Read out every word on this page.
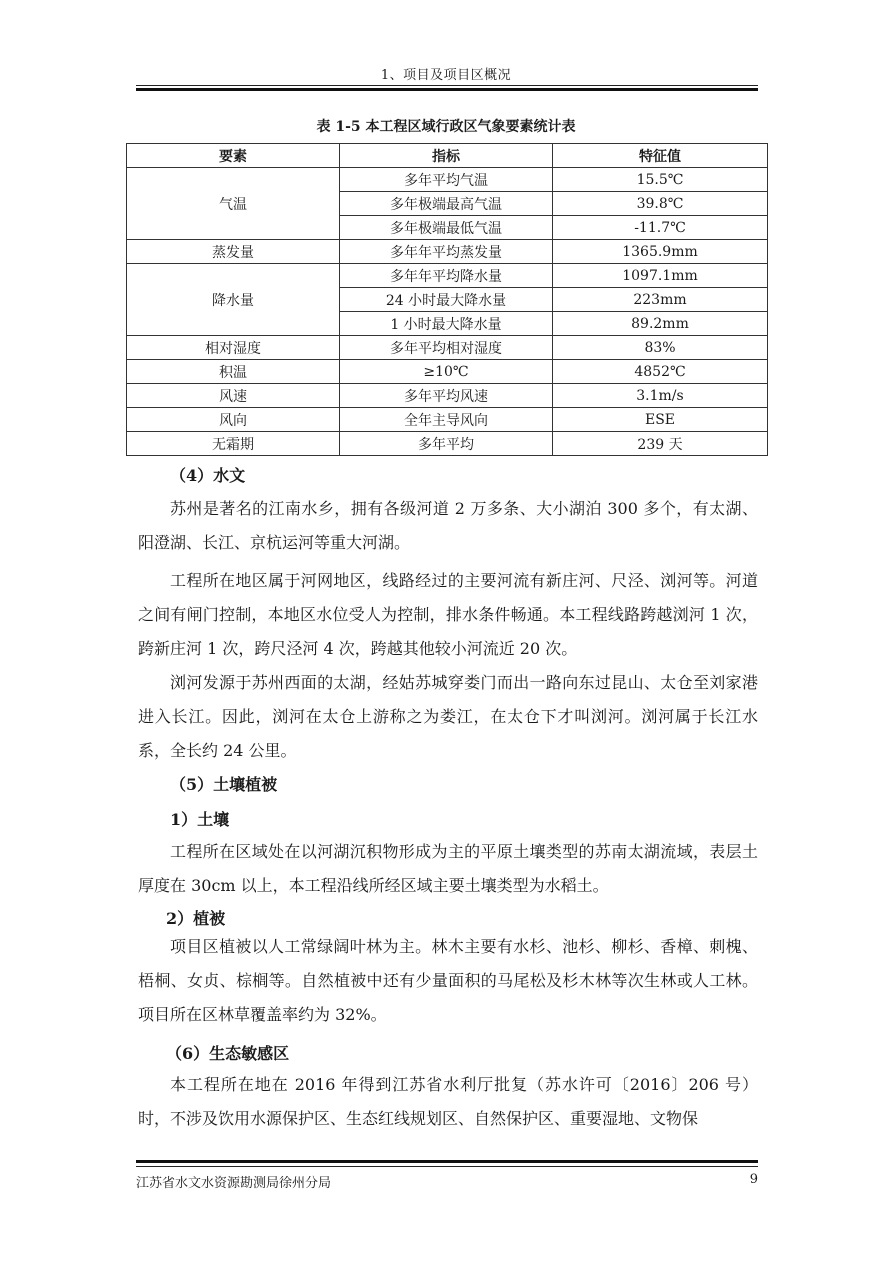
1、项目及项目区概况
表 1-5 本工程区域行政区气象要素统计表
要素	指标	特征值
气温	多年平均气温	15.5℃
	多年极端最高气温	39.8℃
	多年极端最低气温	-11.7℃
蒸发量	多年年平均蒸发量	1365.9mm
降水量	多年年平均降水量	1097.1mm
	24 小时最大降水量	223mm
	1 小时最大降水量	89.2mm
相对湿度	多年平均相对湿度	83%
积温	≥10℃	4852℃
风速	多年平均风速	3.1m/s
风向	全年主导风向	ESE
无霜期	多年平均	239 天
（4）水文

苏州是著名的江南水乡，拥有各级河道 2 万多条、大小湖泊 300 多个，有太湖、阳澄湖、长江、京杭运河等重大河湖。

工程所在地区属于河网地区，线路经过的主要河流有新庄河、尺泾、浏河等。河道之间有闸门控制，本地区水位受人为控制，排水条件畅通。本工程线路跨越浏河 1 次，跨新庄河 1 次，跨尺泾河 4 次，跨越其他较小河流近 20 次。

浏河发源于苏州西面的太湖，经姑苏城穿娄门而出一路向东过昆山、太仓至刘家港进入长江。因此，浏河在太仓上游称之为娄江，在太仓下才叫浏河。浏河属于长江水系，全长约 24 公里。

（5）土壤植被
1）土壤

工程所在区域处在以河湖沉积物形成为主的平原土壤类型的苏南太湖流域，表层土厚度在 30cm 以上，本工程沿线所经区域主要土壤类型为水稻土。

2）植被

项目区植被以人工常绿阔叶林为主。林木主要有水杉、池杉、柳杉、香樟、刺槐、梧桐、女贞、棕榈等。自然植被中还有少量面积的马尾松及杉木林等次生林或人工林。项目所在区林草覆盖率约为 32%。

（6）生态敏感区

本工程所在地在 2016 年得到江苏省水利厅批复（苏水许可〔2016〕206 号）时，不涉及饮用水源保护区、生态红线规划区、自然保护区、重要湿地、文物保

江苏省水文水资源勘测局徐州分局	9
